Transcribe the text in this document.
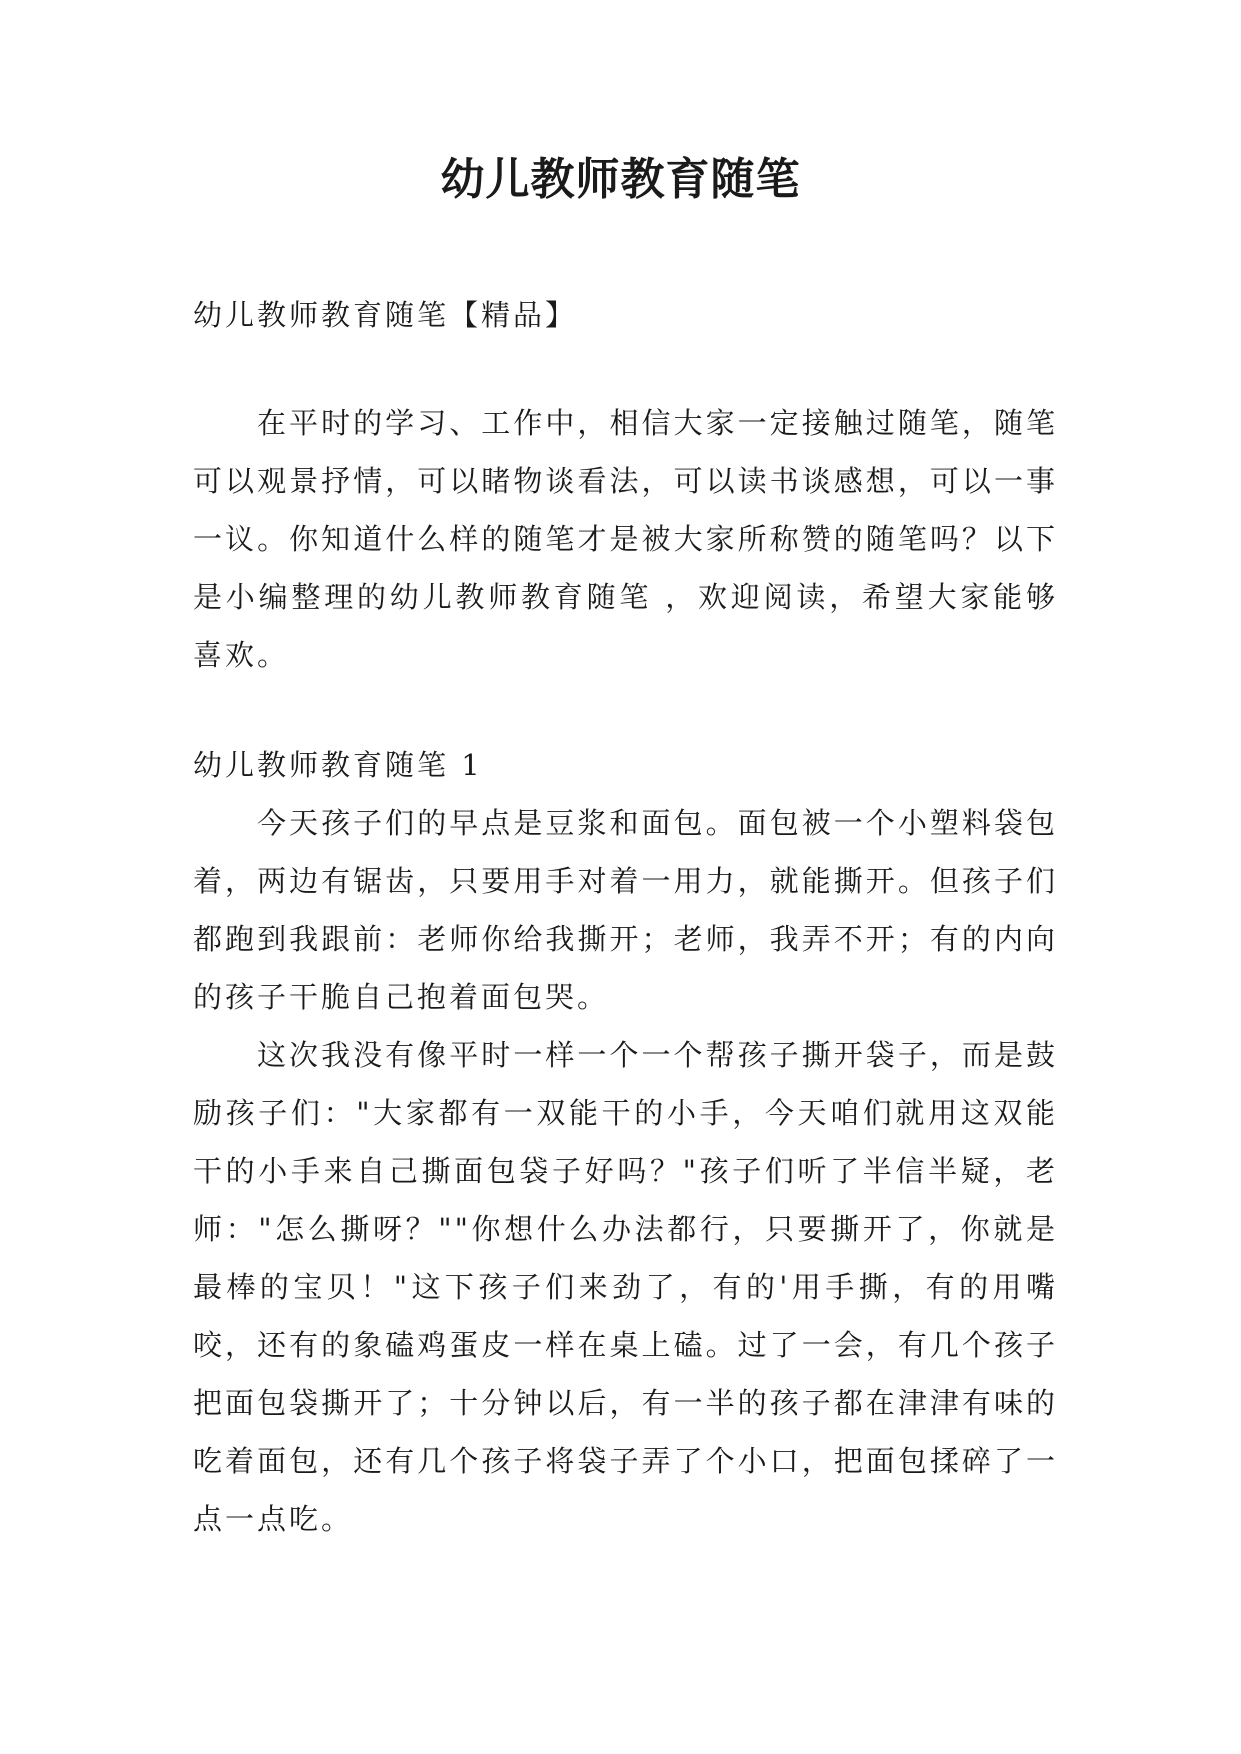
幼儿教师教育随笔

幼儿教师教育随笔【精品】

在平时的学习、工作中，相信大家一定接触过随笔，随笔可以观景抒情，可以睹物谈看法，可以读书谈感想，可以一事一议。你知道什么样的随笔才是被大家所称赞的随笔吗？以下是小编整理的幼儿教师教育随笔 ，欢迎阅读，希望大家能够喜欢。

幼儿教师教育随笔 1

今天孩子们的早点是豆浆和面包。面包被一个小塑料袋包着，两边有锯齿，只要用手对着一用力，就能撕开。但孩子们都跑到我跟前：老师你给我撕开；老师，我弄不开；有的内向的孩子干脆自己抱着面包哭。

这次我没有像平时一样一个一个帮孩子撕开袋子，而是鼓励孩子们："大家都有一双能干的小手，今天咱们就用这双能干的小手来自己撕面包袋子好吗？"孩子们听了半信半疑，老师："怎么撕呀？""你想什么办法都行，只要撕开了，你就是最棒的宝贝！"这下孩子们来劲了，有的'用手撕，有的用嘴咬，还有的象磕鸡蛋皮一样在桌上磕。过了一会，有几个孩子把面包袋撕开了；十分钟以后，有一半的孩子都在津津有味的吃着面包，还有几个孩子将袋子弄了个小口，把面包揉碎了一点一点吃。
